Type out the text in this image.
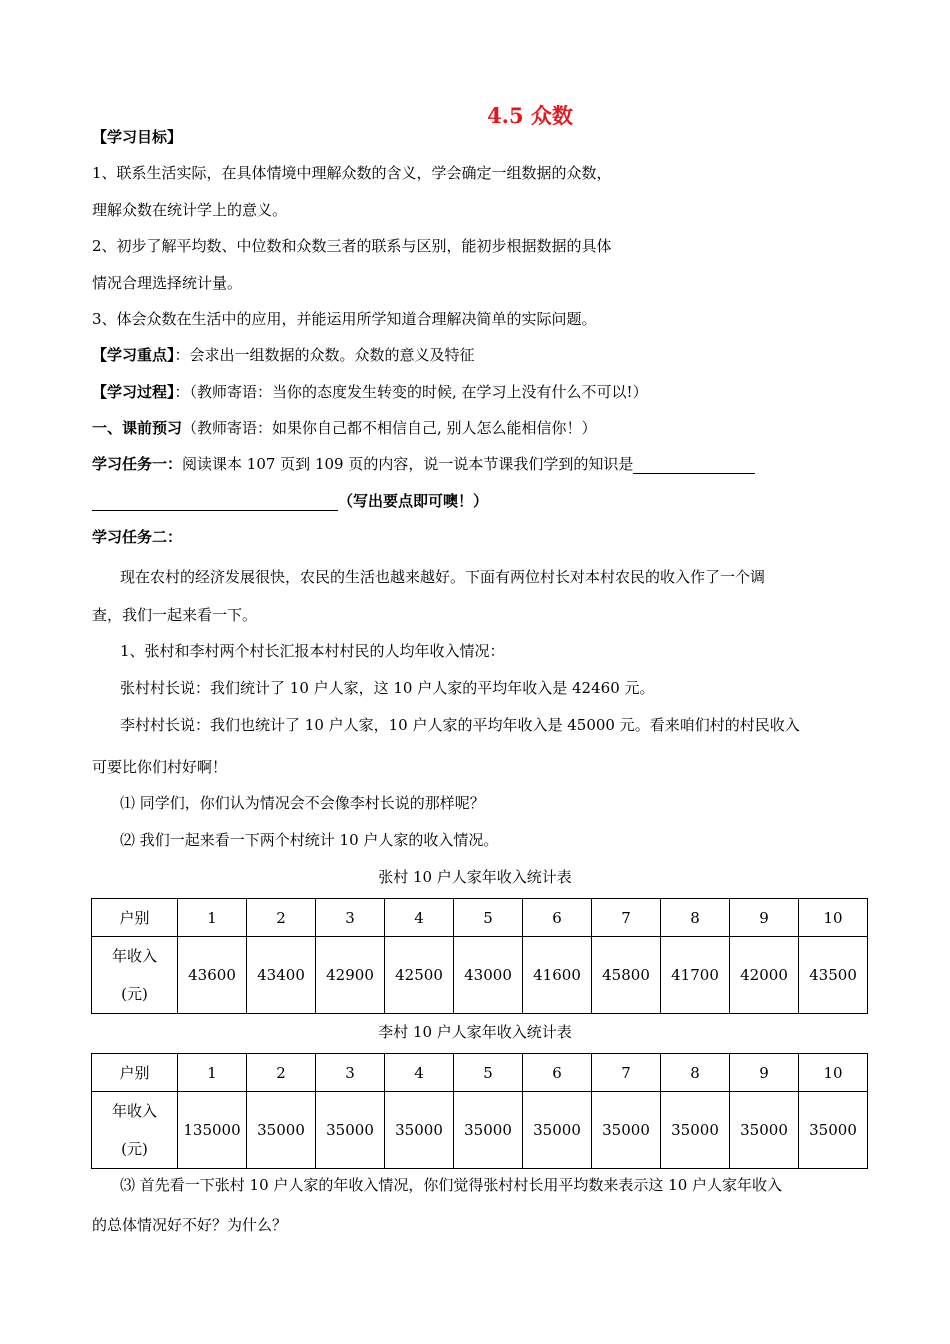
4.5 众数
【学习目标】
1、联系生活实际，在具体情境中理解众数的含义，学会确定一组数据的众数，
理解众数在统计学上的意义。
2、初步了解平均数、中位数和众数三者的联系与区别，能初步根据数据的具体
情况合理选择统计量。
3、体会众数在生活中的应用，并能运用所学知道合理解决简单的实际问题。
【学习重点】：会求出一组数据的众数。众数的意义及特征
【学习过程】：（教师寄语：当你的态度发生转变的时候, 在学习上没有什么不可以!）
一、课前预习（教师寄语：如果你自己都不相信自己, 别人怎么能相信你！）
学习任务一：阅读课本 107 页到 109 页的内容，说一说本节课我们学到的知识是
（写出要点即可噢！）
学习任务二：
现在农村的经济发展很快，农民的生活也越来越好。下面有两位村长对本村农民的收入作了一个调
查，我们一起来看一下。
1、张村和李村两个村长汇报本村村民的人均年收入情况：
张村村长说：我们统计了 10 户人家，这 10 户人家的平均年收入是 42460 元。
李村村长说：我们也统计了 10 户人家，10 户人家的平均年收入是 45000 元。看来咱们村的村民收入
可要比你们村好啊！
⑴ 同学们，你们认为情况会不会像李村长说的那样呢？
⑵ 我们一起来看一下两个村统计 10 户人家的收入情况。
张村 10 户人家年收入统计表
户别	1	2	3	4	5	6	7	8	9	10
年收入
(元)	43600	43400	42900	42500	43000	41600	45800	41700	42000	43500
李村 10 户人家年收入统计表
户别	1	2	3	4	5	6	7	8	9	10
年收入
(元)	135000	35000	35000	35000	35000	35000	35000	35000	35000	35000
⑶ 首先看一下张村 10 户人家的年收入情况，你们觉得张村村长用平均数来表示这 10 户人家年收入
的总体情况好不好？为什么？
